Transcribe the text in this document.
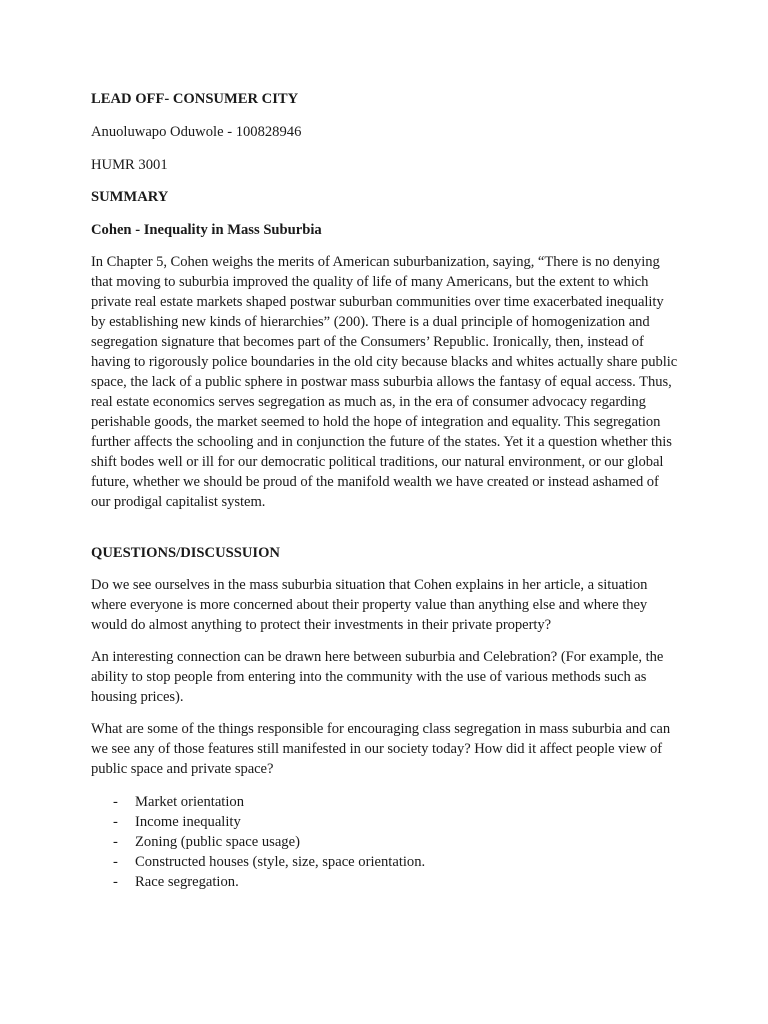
LEAD OFF- CONSUMER CITY

Anuoluwapo Oduwole - 100828946

HUMR 3001

SUMMARY

Cohen - Inequality in Mass Suburbia

In Chapter 5, Cohen weighs the merits of American suburbanization, saying, “There is no denying that moving to suburbia improved the quality of life of many Americans, but the extent to which private real estate markets shaped postwar suburban communities over time exacerbated inequality by establishing new kinds of hierarchies” (200). There is a dual principle of homogenization and segregation signature that becomes part of the Consumers’ Republic. Ironically, then, instead of having to rigorously police boundaries in the old city because blacks and whites actually share public space, the lack of a public sphere in postwar mass suburbia allows the fantasy of equal access. Thus, real estate economics serves segregation as much as, in the era of consumer advocacy regarding perishable goods, the market seemed to hold the hope of integration and equality. This segregation further affects the schooling and in conjunction the future of the states. Yet it a question whether this shift bodes well or ill for our democratic political traditions, our natural environment, or our global future, whether we should be proud of the manifold wealth we have created or instead ashamed of our prodigal capitalist system.

QUESTIONS/DISCUSSUION

Do we see ourselves in the mass suburbia situation that Cohen explains in her article, a situation where everyone is more concerned about their property value than anything else and where they would do almost anything to protect their investments in their private property?

An interesting connection can be drawn here between suburbia and Celebration? (For example, the ability to stop people from entering into the community with the use of various methods such as housing prices).

What are some of the things responsible for encouraging class segregation in mass suburbia and can we see any of those features still manifested in our society today? How did it affect people view of public space and private space?

- Market orientation
- Income inequality
- Zoning (public space usage)
- Constructed houses (style, size, space orientation.
- Race segregation.
